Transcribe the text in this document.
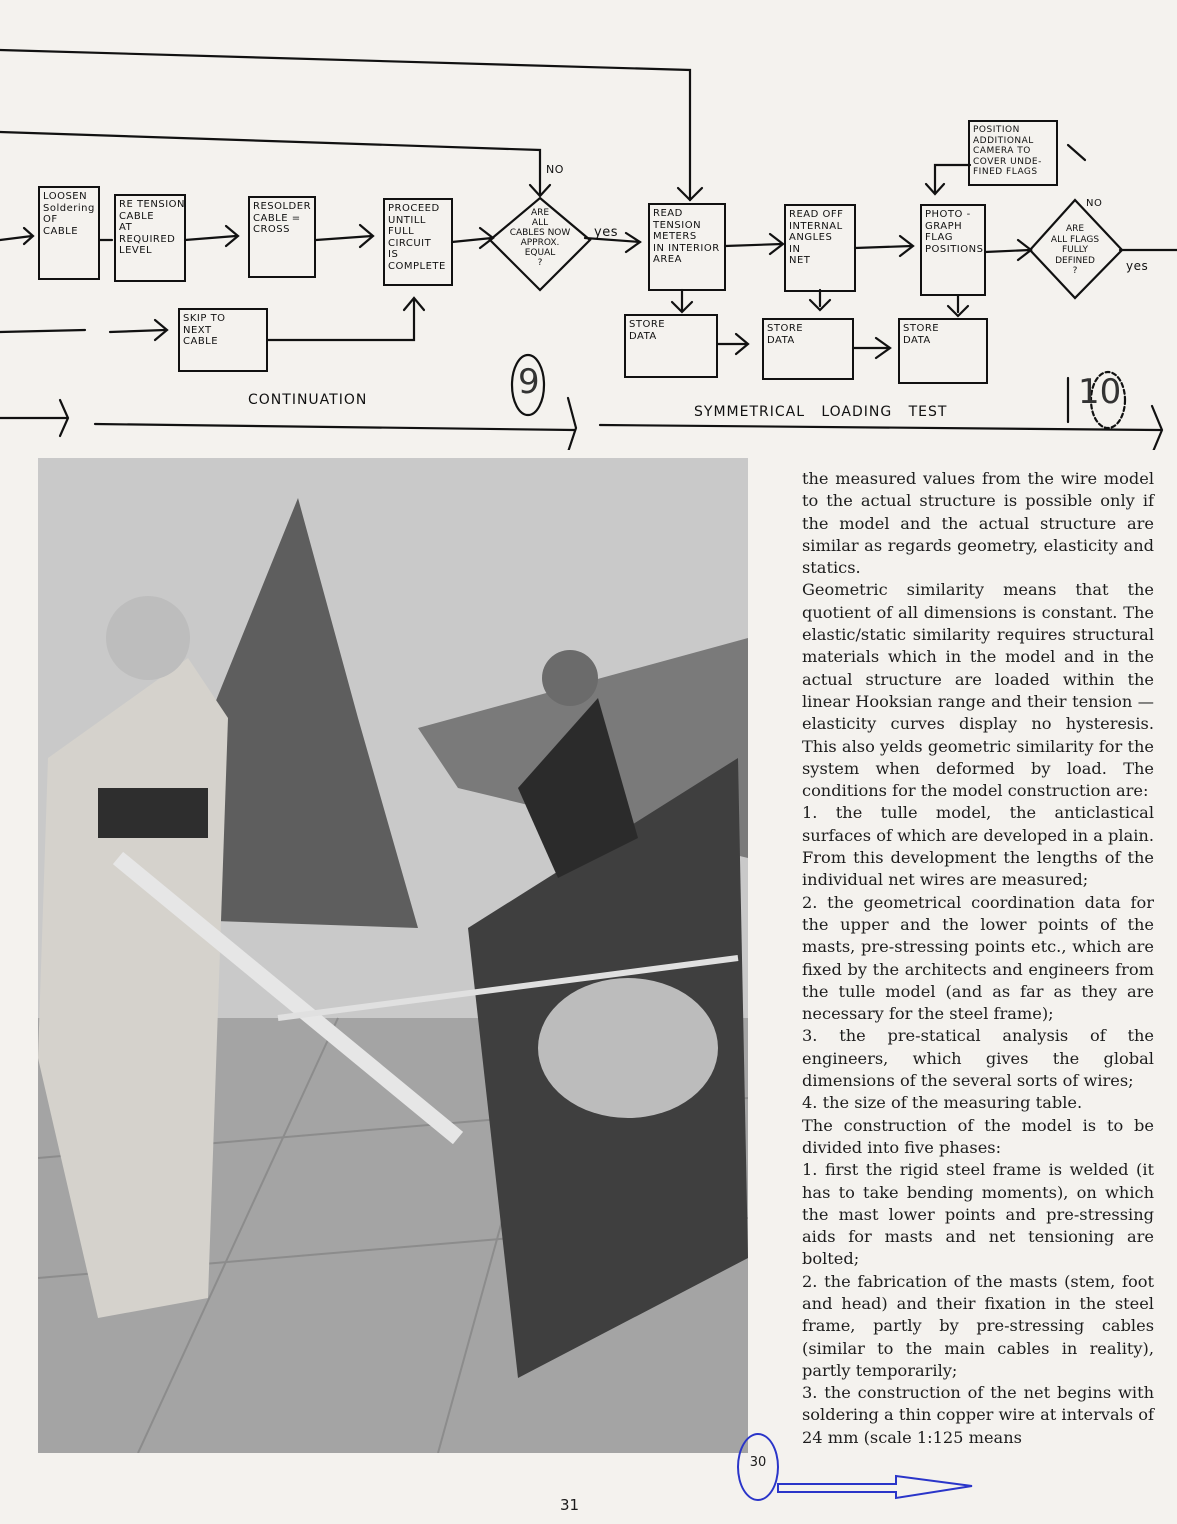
LOOSEN
Soldering
OF
CABLE
RE TENSION
CABLE
AT
REQUIRED
LEVEL
RESOLDER
CABLE =
CROSS
PROCEED
UNTILL
FULL
CIRCUIT
IS
COMPLETE
SKIP TO
NEXT
CABLE
ARE
ALL
CABLES NOW
APPROX.
EQUAL
?
NO
yes
READ
TENSION
METERS
IN INTERIOR
AREA
STORE
DATA
READ OFF
INTERNAL
ANGLES
IN
NET
STORE
DATA
PHOTO -
GRAPH
FLAG
POSITIONS
STORE
DATA
POSITION
ADDITIONAL
CAMERA TO
COVER UNDE-
FINED FLAGS
ARE
ALL FLAGS
FULLY
DEFINED
?
NO
yes
CONTINUATION
SYMMETRICAL   LOADING   TEST
9	10

the measured values from the wire model to the actual structure is possible only if the model and the actual structure are similar as regards geometry, elasticity and statics.

Geometric similarity means that the quotient of all dimensions is constant. The elastic/static similarity requires structural materials which in the model and in the actual structure are loaded within the linear Hooksian range and their tension — elasticity curves display no hysteresis. This also yelds geometric similarity for the system when deformed by load. The conditions for the model construction are:

1. the tulle model, the anticlastical surfaces of which are developed in a plain. From this development the lengths of the individual net wires are measured;

2. the geometrical coordination data for the upper and the lower points of the masts, pre-stressing points etc., which are fixed by the architects and engineers from the tulle model (and as far as they are necessary for the steel frame);

3. the pre-statical analysis of the engineers, which gives the global dimensions of the several sorts of wires;

4. the size of the measuring table.

The construction of the model is to be divided into five phases:

1. first the rigid steel frame is welded (it has to take bending moments), on which the mast lower points and pre-stressing aids for masts and net tensioning are bolted;

2. the fabrication of the masts (stem, foot and head) and their fixation in the steel frame, partly by pre-stressing cables (similar to the main cables in reality), partly temporarily;

3. the construction of the net begins with soldering a thin copper wire at intervals of 24 mm (scale 1:125 means

30
31
